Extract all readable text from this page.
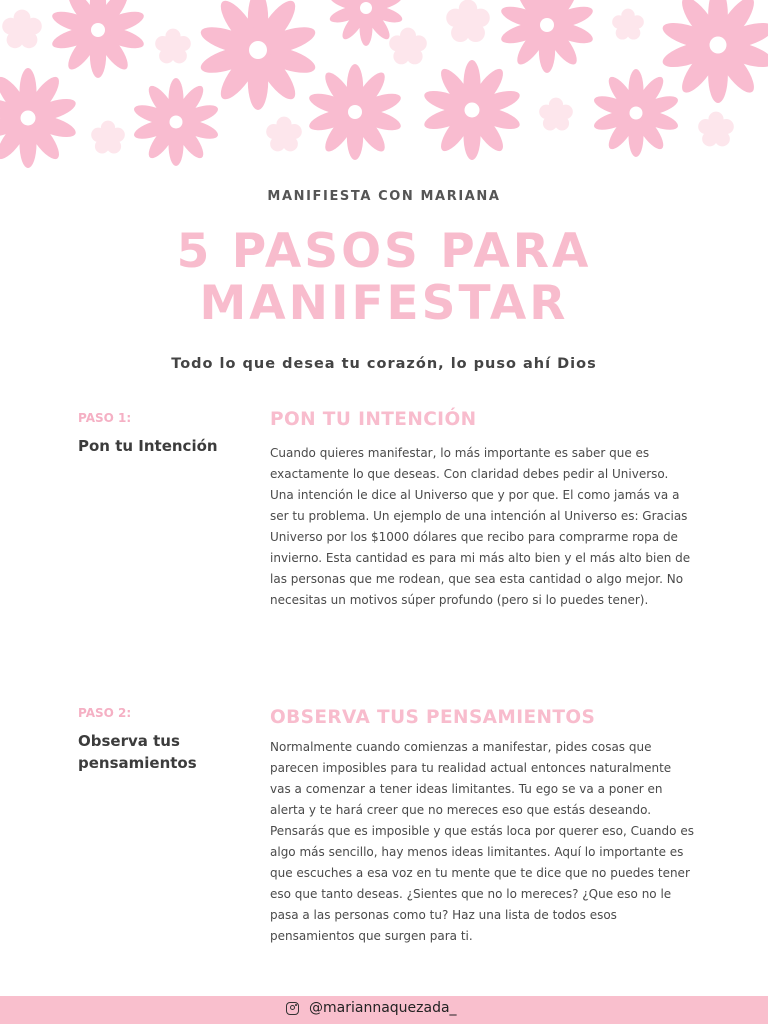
MANIFIESTA CON MARIANA
5 PASOS PARA
MANIFESTAR
Todo lo que desea tu corazón, lo puso ahí Dios
PASO 1:
Pon tu Intención
PON TU INTENCIÓN
Cuando quieres manifestar, lo más importante es saber que es exactamente lo que deseas. Con claridad debes pedir al Universo. Una intención le dice al Universo que y por que. El como jamás va a ser tu problema. Un ejemplo de una intención al Universo es: Gracias Universo por los $1000 dólares que recibo para comprarme ropa de invierno. Esta cantidad es para mi más alto bien y el más alto bien de las personas que me rodean, que sea esta cantidad o algo mejor. No necesitas un motivos súper profundo (pero si lo puedes tener).
PASO 2:
Observa tus pensamientos
OBSERVA TUS PENSAMIENTOS
Normalmente cuando comienzas a manifestar, pides cosas que parecen imposibles para tu realidad actual entonces naturalmente vas a comenzar a tener ideas limitantes. Tu ego se va a poner en alerta y te hará creer que no mereces eso que estás deseando. Pensarás que es imposible y que estás loca por querer eso, Cuando es algo más sencillo, hay menos ideas limitantes. Aquí lo importante es que escuches a esa voz en tu mente que te dice que no puedes tener eso que tanto deseas. ¿Sientes que no lo mereces? ¿Que eso no le pasa a las personas como tu? Haz una lista de todos esos pensamientos que surgen para ti.
@mariannaquezada_
